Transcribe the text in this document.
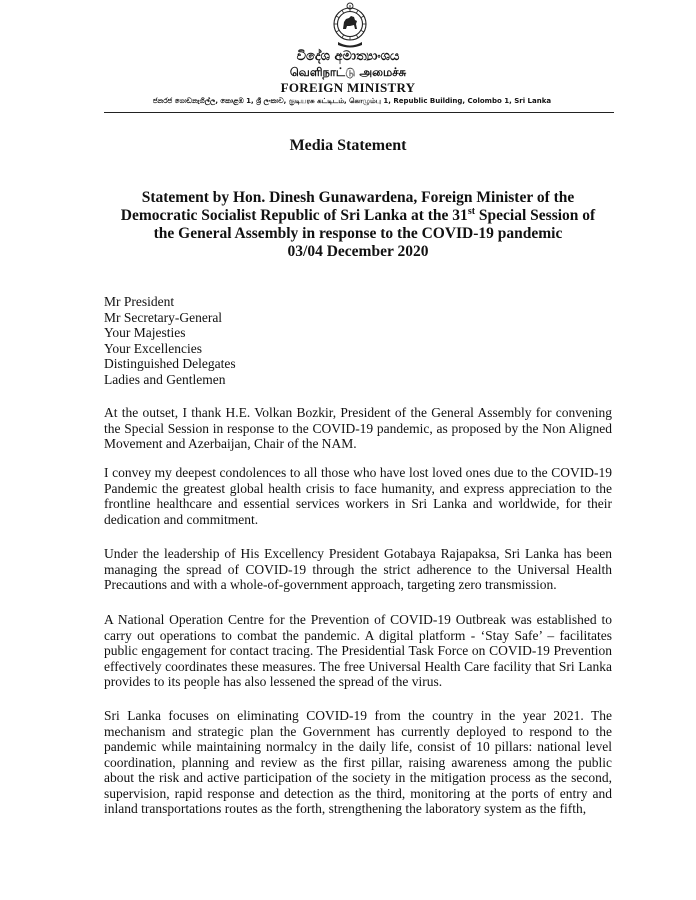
විදේශ අමාත්‍යාංශය
வெளிநாட்டு அமைச்சு
FOREIGN MINISTRY
ජනරජ ගොඩනැගිල්ල, කොළඹ 1, ශ්‍රී ලංකාව, குடியரசு கட்டிடம், கொழும்பு 1, Republic Building, Colombo 1, Sri Lanka
Media Statement
Statement by Hon. Dinesh Gunawardena, Foreign Minister of the
Democratic Socialist Republic of Sri Lanka at the 31st Special Session of
the General Assembly in response to the COVID-19 pandemic
03/04 December 2020
Mr President
Mr Secretary-General
Your Majesties
Your Excellencies
Distinguished Delegates
Ladies and Gentlemen

At the outset, I thank H.E. Volkan Bozkir, President of the General Assembly for convening the Special Session in response to the COVID-19 pandemic, as proposed by the Non Aligned Movement and Azerbaijan, Chair of the NAM.

I convey my deepest condolences to all those who have lost loved ones due to the COVID-19 Pandemic the greatest global health crisis to face humanity, and express appreciation to the frontline healthcare and essential services workers in Sri Lanka and worldwide, for their dedication and commitment.

Under the leadership of His Excellency President Gotabaya Rajapaksa, Sri Lanka has been managing the spread of COVID-19 through the strict adherence to the Universal Health Precautions and with a whole-of-government approach, targeting zero transmission.

A National Operation Centre for the Prevention of COVID-19 Outbreak was established to carry out operations to combat the pandemic. A digital platform - ‘Stay Safe’ – facilitates public engagement for contact tracing. The Presidential Task Force on COVID-19 Prevention effectively coordinates these measures. The free Universal Health Care facility that Sri Lanka provides to its people has also lessened the spread of the virus.

Sri Lanka focuses on eliminating COVID-19 from the country in the year 2021. The mechanism and strategic plan the Government has currently deployed to respond to the pandemic while maintaining normalcy in the daily life, consist of 10 pillars: national level coordination, planning and review as the first pillar, raising awareness among the public about the risk and active participation of the society in the mitigation process as the second, supervision, rapid response and detection as the third, monitoring at the ports of entry and inland transportations routes as the forth, strengthening the laboratory system as the fifth,
